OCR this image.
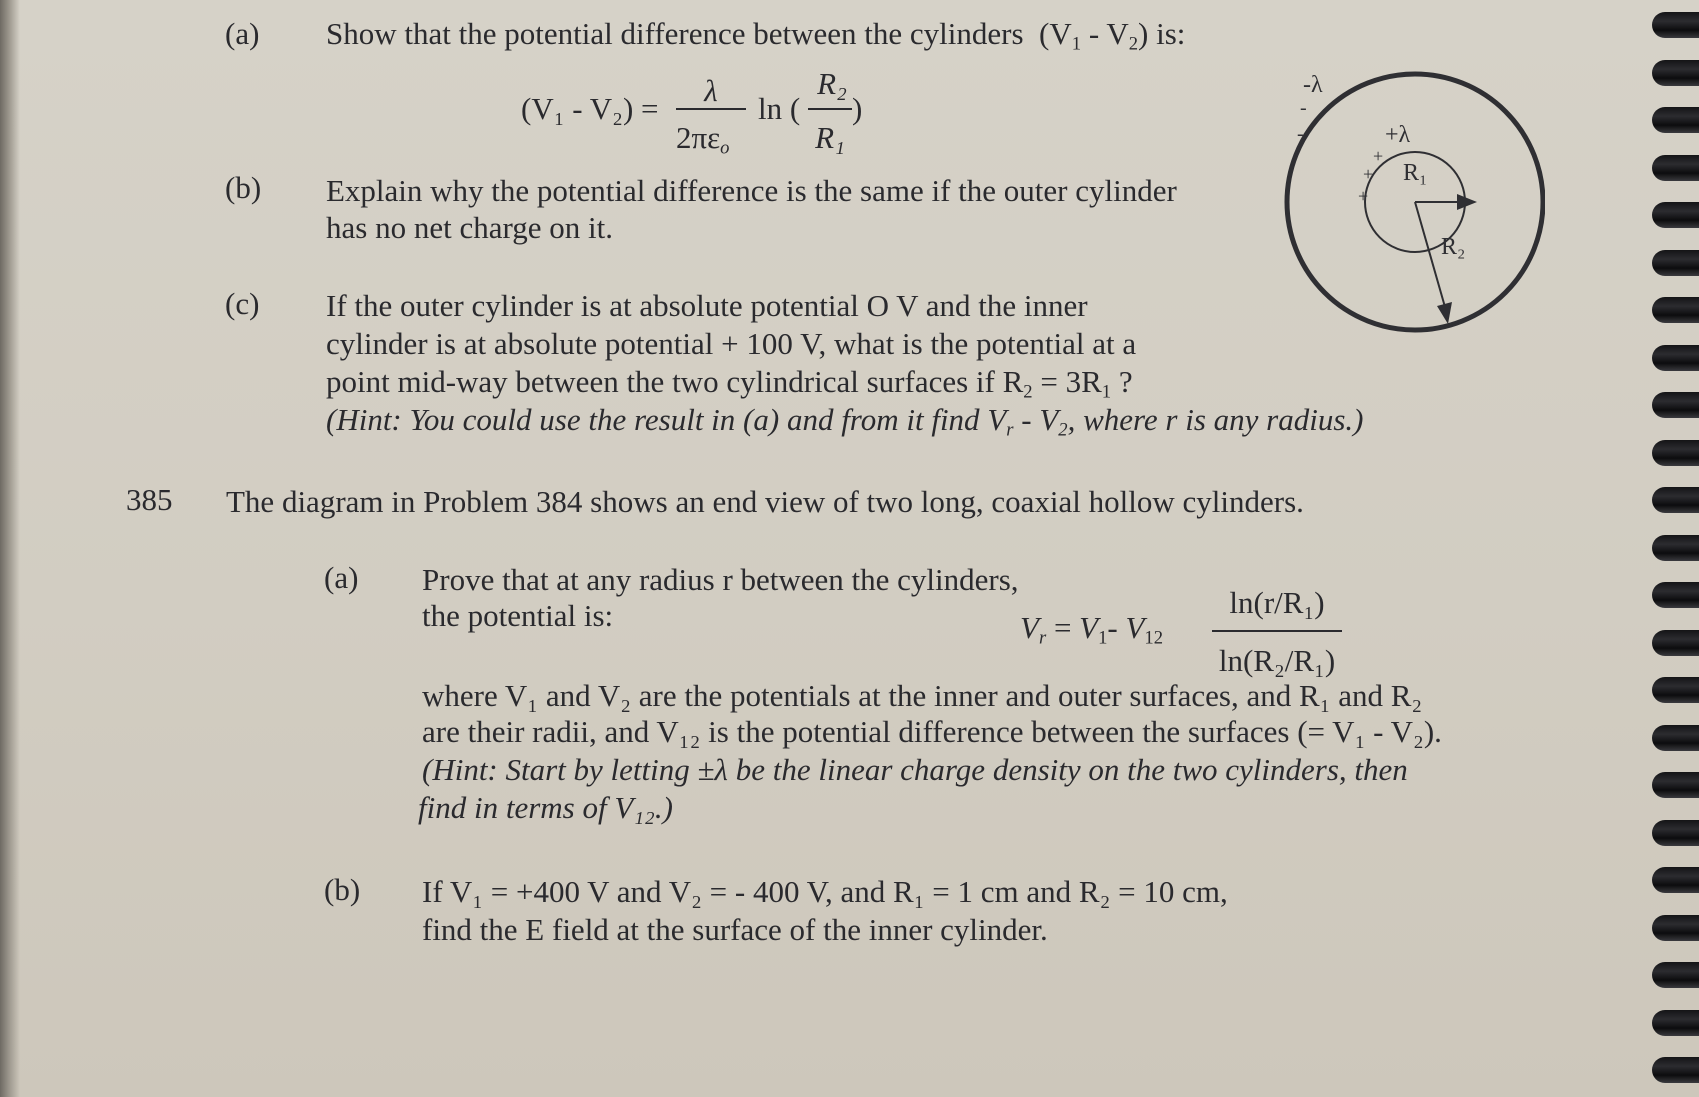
(a) Show that the potential difference between the cylinders $(V_1 - V_2)$ is:
(V₁ - V₂) =
λ
$2\pi\varepsilon_o$
ln (
R₂
R₁
)
(b) Explain why the potential difference is the same if the outer cylinder
has no net charge on it.
(c) If the outer cylinder is at absolute potential O V and the inner
cylinder is at absolute potential + 100 V, what is the potential at a
point mid-way between the two cylindrical surfaces if $R_2 = 3R_1$ ?
(Hint: You could use the result in (a) and from it find $V_r - V_2$, where r is any radius.)
-λ
-
-	+λ
+
+
+
R₁
R₂
385 The diagram in Problem 384 shows an end view of two long, coaxial hollow cylinders.
(a) Prove that at any radius r between the cylinders,
the potential is:	$V_r = V_1-$ $V_{12}$
ln(r/R₁)
ln(R₂/R₁)
where V₁ and V₂ are the potentials at the inner and outer surfaces, and R₁ and R₂
are their radii, and V₁₂ is the potential difference between the surfaces (= V₁ - V₂).
(Hint: Start by letting ±λ be the linear charge density on the two cylinders, then
find in terms of V₁₂.)
(b) If V₁ = +400 V and V₂ = - 400 V, and R₁ = 1 cm and R₂ = 10 cm,
find the E field at the surface of the inner cylinder.
